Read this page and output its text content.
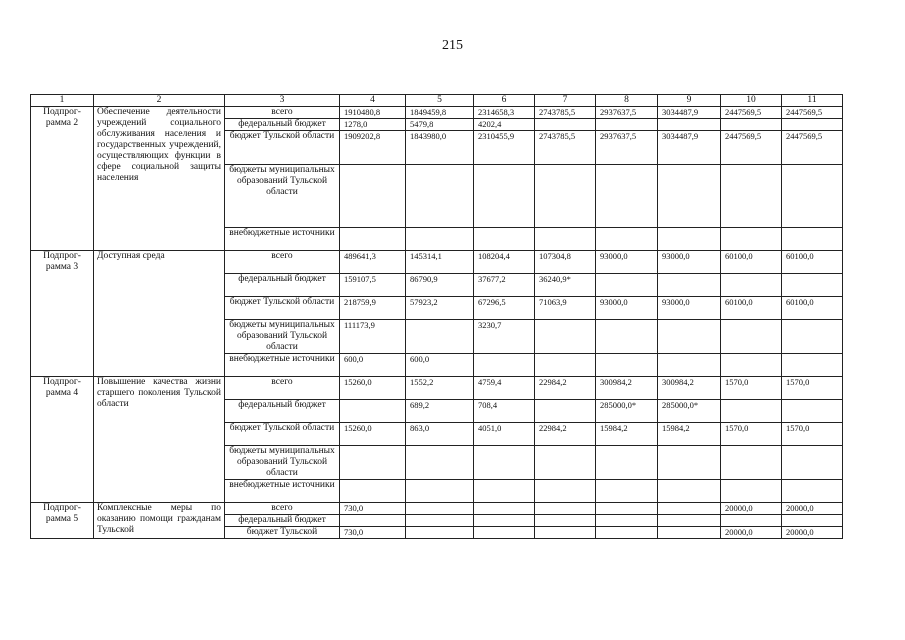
215
1	2	3	4	5	6	7	8	9	10	11
Подпрог-
рамма 2	Обеспечение деятельности учреждений социального обслуживания населения и государственных учреждений, осуществляющих функции в сфере социальной защиты населения	всего	1910480,8	1849459,8	2314658,3	2743785,5	2937637,5	3034487,9	2447569,5	2447569,5
		федеральный бюджет	1278,0	5479,8	4202,4					
		бюджет Тульской области	1909202,8	1843980,0	2310455,9	2743785,5	2937637,5	3034487,9	2447569,5	2447569,5
		бюджеты муниципальных образований Тульской области								
		внебюджетные источники								
Подпрог-
рамма 3	Доступная среда	всего	489641,3	145314,1	108204,4	107304,8	93000,0	93000,0	60100,0	60100,0
		федеральный бюджет	159107,5	86790,9	37677,2	36240,9*				
		бюджет Тульской области	218759,9	57923,2	67296,5	71063,9	93000,0	93000,0	60100,0	60100,0
		бюджеты муниципальных образований Тульской области	111173,9		3230,7					
		внебюджетные источники	600,0	600,0						
Подпрог-
рамма 4	Повышение качества жизни старшего поколения Тульской области	всего	15260,0	1552,2	4759,4	22984,2	300984,2	300984,2	1570,0	1570,0
		федеральный бюджет		689,2	708,4		285000,0*	285000,0*		
		бюджет Тульской области	15260,0	863,0	4051,0	22984,2	15984,2	15984,2	1570,0	1570,0
		бюджеты муниципальных образований Тульской области								
		внебюджетные источники								
Подпрог-
рамма 5	Комплексные меры по оказанию помощи гражданам Тульской	всего	730,0						20000,0	20000,0
		федеральный бюджет								
		бюджет Тульской	730,0						20000,0	20000,0
